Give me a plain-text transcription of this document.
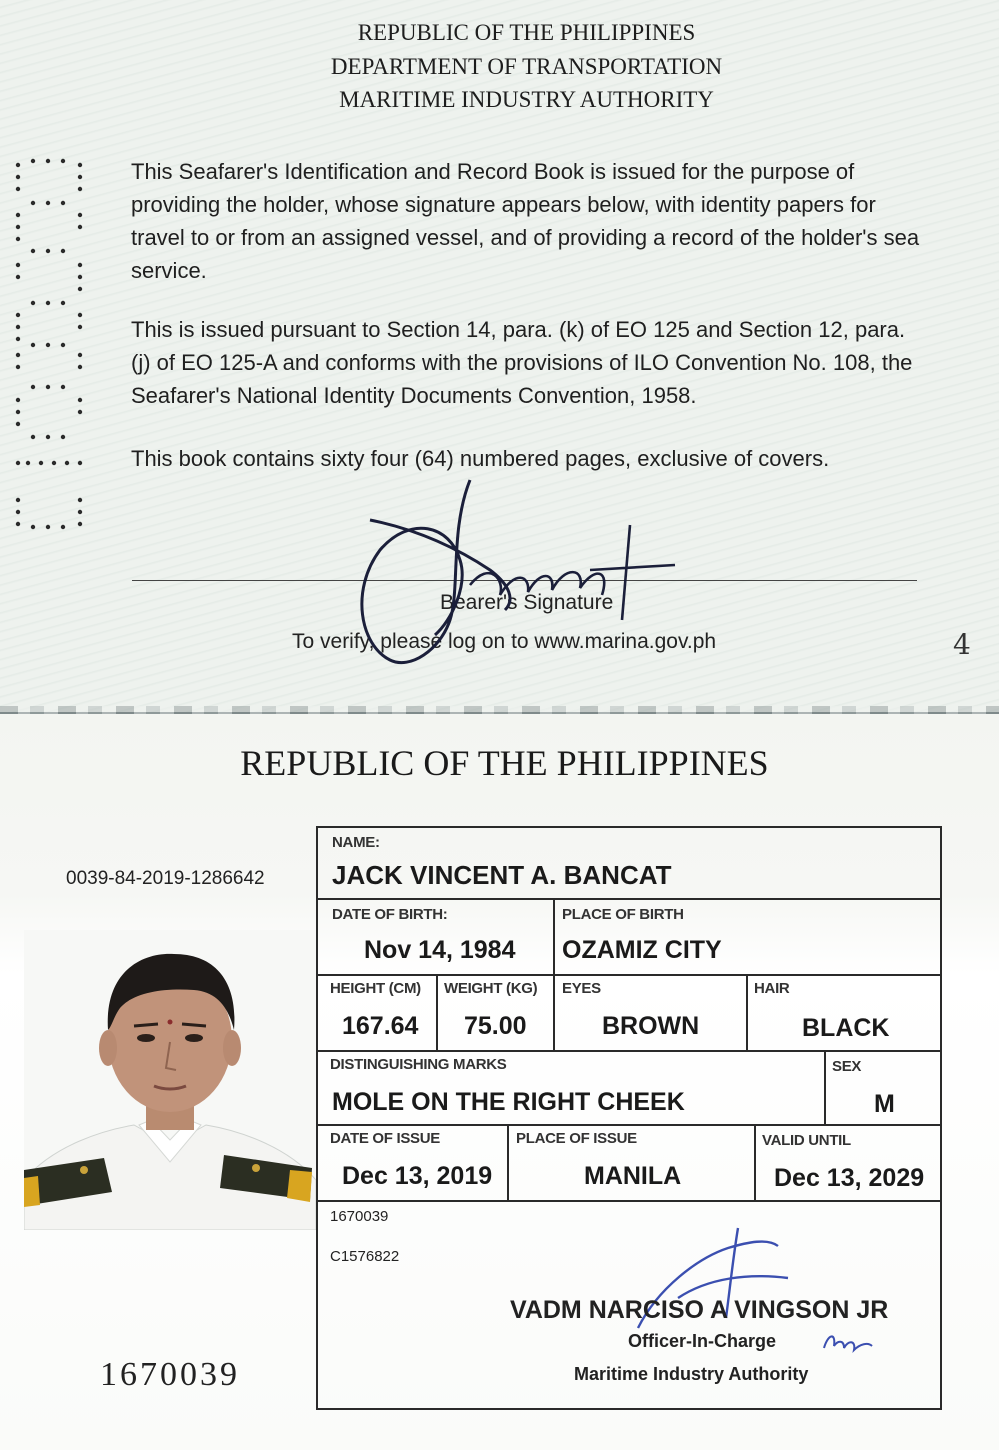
REPUBLIC OF THE PHILIPPINES
DEPARTMENT OF TRANSPORTATION
MARITIME INDUSTRY AUTHORITY
This Seafarer's Identification and Record Book is issued for the purpose of providing the holder, whose signature appears below, with identity papers for travel to or from an assigned vessel, and of providing a record of the holder's sea service.
This is issued pursuant to Section 14, para. (k) of EO 125 and Section 12, para. (j) of EO 125-A and conforms with the provisions of ILO Convention No. 108, the Seafarer's National Identity Documents Convention, 1958.
This book contains sixty four (64) numbered pages, exclusive of covers.
Bearer's Signature
To verify, please log on to www.marina.gov.ph	4
REPUBLIC OF THE PHILIPPINES
0039-84-2019-1286642
1670039
NAME:
JACK VINCENT A. BANCAT
DATE OF BIRTH:
Nov 14, 1984
PLACE OF BIRTH
OZAMIZ CITY
HEIGHT (CM)
167.64
WEIGHT (KG)
75.00
EYES
BROWN
HAIR
BLACK
DISTINGUISHING MARKS
MOLE ON THE RIGHT CHEEK
SEX
M
DATE OF ISSUE
Dec 13, 2019
PLACE OF ISSUE
MANILA
VALID UNTIL
Dec 13, 2029
1670039
C1576822
VADM NARCISO A VINGSON JR
Officer-In-Charge
Maritime Industry Authority
